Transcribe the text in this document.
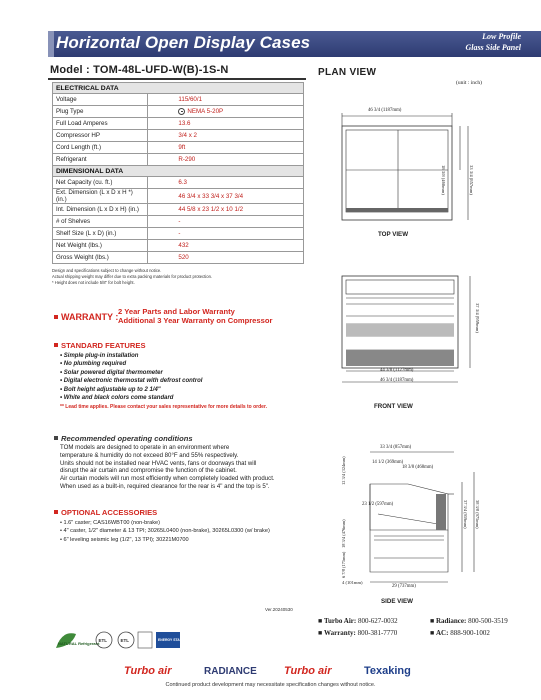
Horizontal Open Display Cases	Low Profile
Glass Side Panel
Model : TOM-48L-UFD-W(B)-1S-N
ELECTRICAL DATA	
Voltage	115/60/1
Plug Type	NEMA 5-20P
Full Load Amperes	13.6
Compressor HP	3/4 x 2
Cord Length (ft.)	9ft
Refrigerant	R-290
DIMENSIONAL DATA	
Net Capacity (cu. ft.)	6.3
Ext. Dimension (L x D x H *) (in.)	46 3/4 x 33 3/4 x 37 3/4
Int. Dimension (L x D x H) (in.)	44 5/8 x 23 1/2 x 10 1/2
# of Shelves	-
Shelf Size (L x D) (in.)	-
Net Weight (lbs.)	432
Gross Weight (lbs.)	520
Design and specifications subject to change without notice.
Actual shipping weight may differ due to extra packing materials for product protection.
* Height does not include 5/8" for bolt height.
WARRANTY :
2 Year Parts and Labor Warranty
Additional 3 Year Warranty on Compressor
STANDARD FEATURES
• Simple plug-in installation
• No plumbing required
• Solar powered digital thermometer
• Digital electronic thermostat with defrost control
• Bolt height adjustable up to 2 1/4"
• White and black colors come standard
** Lead time applies. Please contact your sales representative for more details to order.
Recommended operating conditions
TOM models are designed to operate in an environment where
temperature & humidity do not exceed 80°F and 55% respectively.
Units should not be installed near HVAC vents, fans or doorways that will
disrupt the air curtain and compromise the function of the cabinet.
Air curtain models will run most efficiently when completely loaded with product.
When used as a built-in, required clearance for the rear is 4" and the top is 5".
OPTIONAL ACCESSORIES
• 1.6" caster; CAS16WBT00 (non-brake)
• 4" caster, 1/2" diameter & 13 TPI; 30265L0400 (non-brake), 30265L0300 (w/ brake)
• 6" leveling seismic leg (1/2", 13 TPI); 30221M0700
Ver.20240530
PLAN VIEW
(unit : inch)
46 3/4 (1187mm)
18 3/8 (468mm)	33 3/4 (857mm)
TOP VIEW
44 3/8 (1127mm)
46 3/4 (1187mm)
37 3/4 (959mm)
FRONT VIEW
33 3/4 (857mm)
14 1/2 (369mm)
18 3/8 (468mm)
12 3/4 (324mm)
23 1/2 (597mm)
18 3/4 (476mm)
6 7/8 (175mm)
4 (101mm)
29 (737mm)
37 3/4 (959mm) 38 3/8 (975mm)
SIDE VIEW
■ Turbo Air: 800-627-0032
■ Warranty: 800-381-7770
■ Radiance: 800-500-3519
■ AC: 888-900-1002
NATURAL Refrigerant
ETL	ETL	ENERGY STAR
Turbo air	RADIANCE Turbo air	Texaking
Continued product development may necessitate specification changes without notice.
